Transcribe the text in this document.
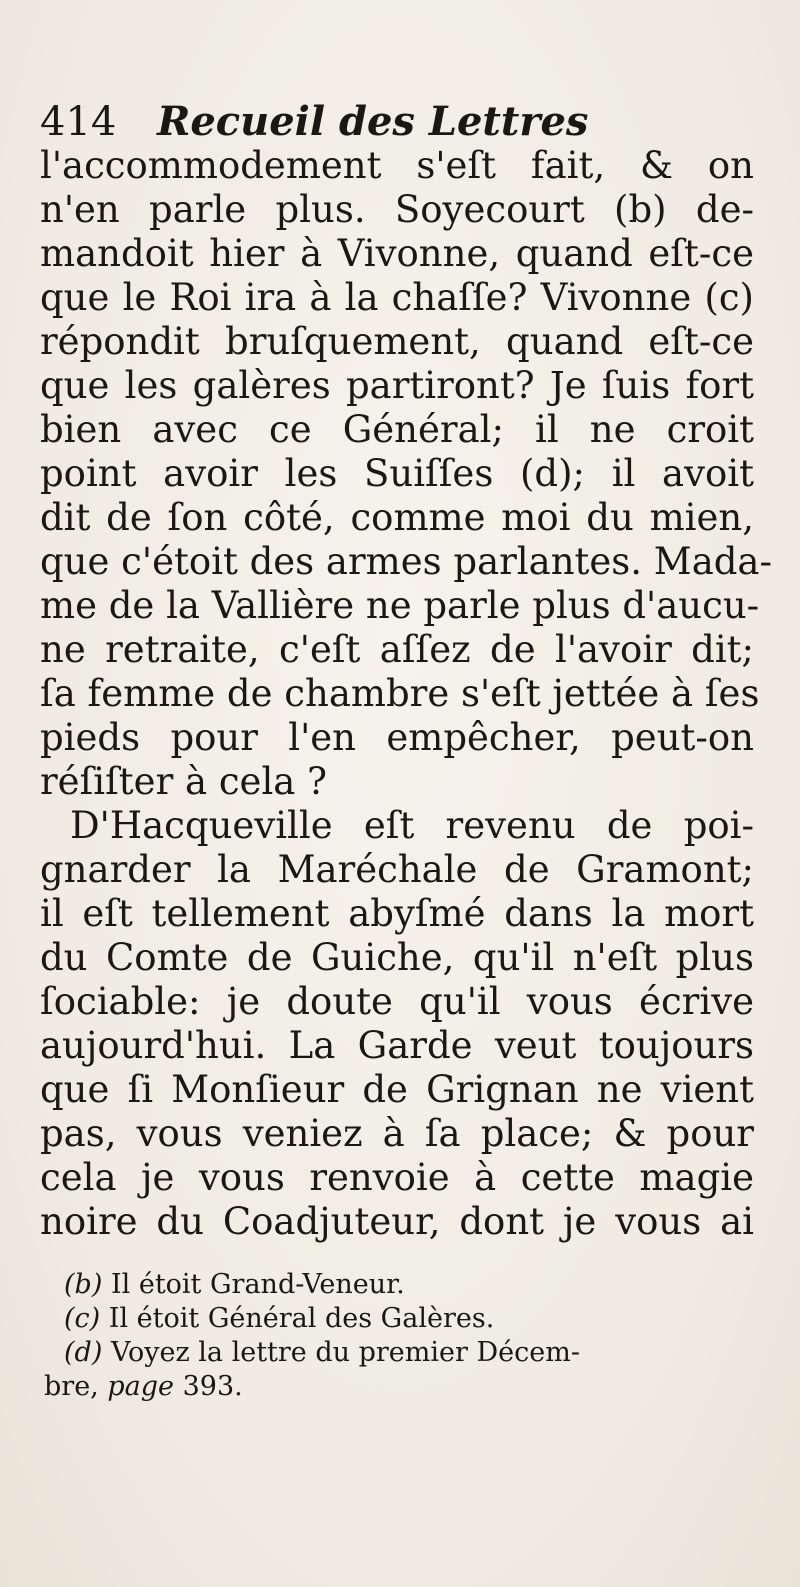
414 Recueil des Lettres
l'accommodement s'eſt fait, & on
n'en parle plus. Soyecourt (b) de-
mandoit hier à Vivonne, quand eſt-ce
que le Roi ira à la chaſſe? Vivonne (c)
répondit bruſquement, quand eſt-ce
que les galères partiront? Je ſuis fort
bien avec ce Général; il ne croit
point avoir les Suiſſes (d); il avoit
dit de ſon côté, comme moi du mien,
que c'étoit des armes parlantes. Mada-
me de la Vallière ne parle plus d'aucu-
ne retraite, c'eſt aſſez de l'avoir dit;
ſa femme de chambre s'eſt jettée à ſes
pieds pour l'en empêcher, peut-on
réſiſter à cela ?
D'Hacqueville eſt revenu de poi-
gnarder la Maréchale de Gramont;
il eſt tellement abyſmé dans la mort
du Comte de Guiche, qu'il n'eſt plus
ſociable: je doute qu'il vous écrive
aujourd'hui. La Garde veut toujours
que ſi Monſieur de Grignan ne vient
pas, vous veniez à ſa place; & pour
cela je vous renvoie à cette magie
noire du Coadjuteur, dont je vous ai
(b) Il étoit Grand-Veneur.
(c) Il étoit Général des Galères.
(d) Voyez la lettre du premier Décem-
bre, page 393.
